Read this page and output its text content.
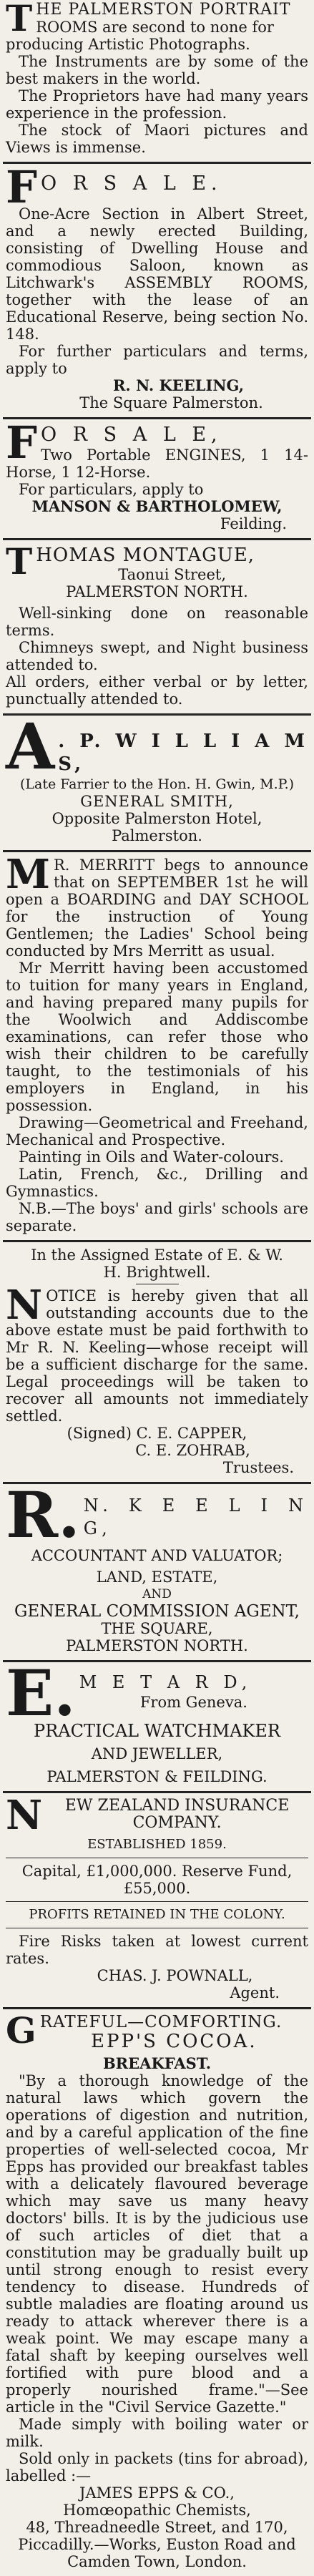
T HE PALMERSTON PORTRAIT

ROOMS are second to none for

producing Artistic Photographs.

The Instruments are by some of the best makers in the world.

The Proprietors have had many years experience in the profession.

The stock of Maori pictures and Views is immense.

F O R S A L E.

One-Acre Section in Albert Street, and a newly erected Building, consisting of Dwelling House and commodious Saloon, known as Litchwark's ASSEMBLY ROOMS, together with the lease of an Educational Reserve, being section No. 148.

For further particulars and terms, apply to

R. N. KEELING,

The Square Palmerston.

F O R S A L E,

Two Portable ENGINES, 1 14-Horse, 1 12-Horse.

For particulars, apply to

MANSON & BARTHOLOMEW,

Feilding.

T HOMAS MONTAGUE,

Taonui Street,

PALMERSTON NORTH.

Well-sinking done on reasonable terms.

Chimneys swept, and Night business attended to.

All orders, either verbal or by letter, punctually attended to.

A . P. W I L L I A M S,

(Late Farrier to the Hon. H. Gwin, M.P.)

GENERAL SMITH,

Opposite Palmerston Hotel,

Palmerston.

M R. MERRITT begs to announce that on SEPTEMBER 1st he will open a BOARDING and DAY SCHOOL for the instruction of Young Gentlemen; the Ladies' School being conducted by Mrs Merritt as usual.

Mr Merritt having been accustomed to tuition for many years in England, and having prepared many pupils for the Woolwich and Addiscombe examinations, can refer those who wish their children to be carefully taught, to the testimonials of his employers in England, in his possession.

Drawing—Geometrical and Freehand, Mechanical and Prospective.

Painting in Oils and Water-colours.

Latin, French, &c., Drilling and Gymnastics.

N.B.—The boys' and girls' schools are separate.

In the Assigned Estate of E. & W. H. Brightwell.

N OTICE is hereby given that all outstanding accounts due to the above estate must be paid forthwith to Mr R. N. Keeling—whose receipt will be a sufficient discharge for the same. Legal proceedings will be taken to recover all amounts not immediately settled.

(Signed) C. E. CAPPER,

C. E. ZOHRAB,

Trustees.

R. N. K E E L I N G,

ACCOUNTANT AND VALUATOR;

LAND, ESTATE,

AND

GENERAL COMMISSION AGENT,

THE SQUARE,

PALMERSTON NORTH.

E. M E T A R D,

From Geneva.

PRACTICAL WATCHMAKER

AND JEWELLER,

PALMERSTON & FEILDING.

N	EW ZEALAND INSURANCE COMPANY.

ESTABLISHED 1859.

Capital, £1,000,000. Reserve Fund, £55,000.

PROFITS RETAINED IN THE COLONY.

Fire Risks taken at lowest current rates.

CHAS. J. POWNALL,

Agent.

G RATEFUL—COMFORTING.

EPP'S COCOA.

BREAKFAST.

"By a thorough knowledge of the natural laws which govern the operations of digestion and nutrition, and by a careful application of the fine properties of well-selected cocoa, Mr Epps has provided our breakfast tables with a delicately flavoured beverage which may save us many heavy doctors' bills. It is by the judicious use of such articles of diet that a constitution may be gradually built up until strong enough to resist every tendency to disease. Hundreds of subtle maladies are floating around us ready to attack wherever there is a weak point. We may escape many a fatal shaft by keeping ourselves well fortified with pure blood and a properly nourished frame."—See article in the "Civil Service Gazette."

Made simply with boiling water or milk.

Sold only in packets (tins for abroad), labelled :—

JAMES EPPS & CO.,

Homœopathic Chemists,

48, Threadneedle Street, and 170, Piccadilly.—Works, Euston Road and

Camden Town, London.
